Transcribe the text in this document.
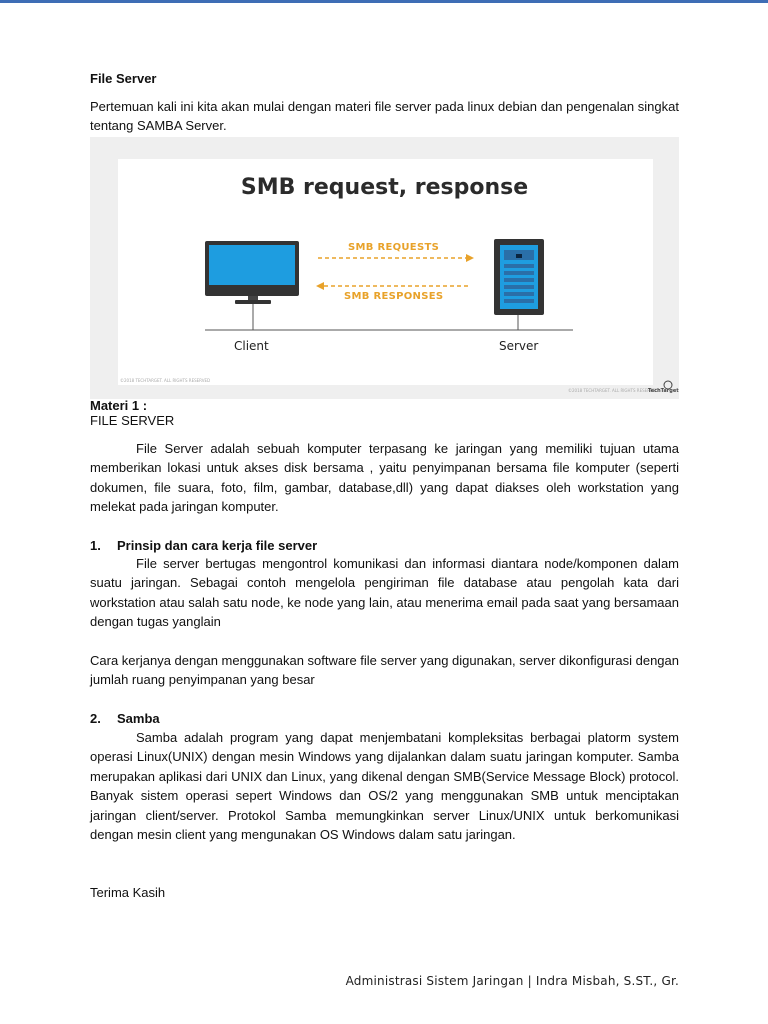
File Server
Pertemuan kali ini kita akan mulai dengan materi file server pada linux debian dan pengenalan singkat tentang SAMBA Server.
SMB request, response
SMB REQUESTS
SMB RESPONSES
Client	Server
©2018 TECHTARGET. ALL RIGHTS RESERVED
©2018 TECHTARGET. ALL RIGHTS RESERVED
TechTarget
Materi 1 :
FILE SERVER
File Server adalah sebuah komputer terpasang ke jaringan yang memiliki tujuan utama memberikan lokasi untuk akses disk bersama , yaitu penyimpanan bersama file komputer (seperti dokumen, file suara, foto, film, gambar, database,dll) yang dapat diakses oleh workstation yang melekat pada jaringan komputer.
1. Prinsip dan cara kerja file server
File server bertugas mengontrol komunikasi dan informasi diantara node/komponen dalam suatu jaringan. Sebagai contoh mengelola pengiriman file database atau pengolah kata dari workstation atau salah satu node, ke node yang lain, atau menerima email pada saat yang bersamaan dengan tugas yanglain
Cara kerjanya dengan menggunakan software file server yang digunakan, server dikonfigurasi dengan jumlah ruang penyimpanan yang besar
2. Samba
Samba adalah program yang dapat menjembatani kompleksitas berbagai platorm system operasi Linux(UNIX) dengan mesin Windows yang dijalankan dalam suatu jaringan komputer. Samba merupakan aplikasi dari UNIX dan Linux, yang dikenal dengan SMB(Service Message Block) protocol. Banyak sistem operasi sepert Windows dan OS/2 yang menggunakan SMB untuk menciptakan jaringan client/server. Protokol Samba memungkinkan server Linux/UNIX untuk berkomunikasi dengan mesin client yang mengunakan OS Windows dalam satu jaringan.
Terima Kasih
Administrasi Sistem Jaringan | Indra Misbah, S.ST., Gr.
